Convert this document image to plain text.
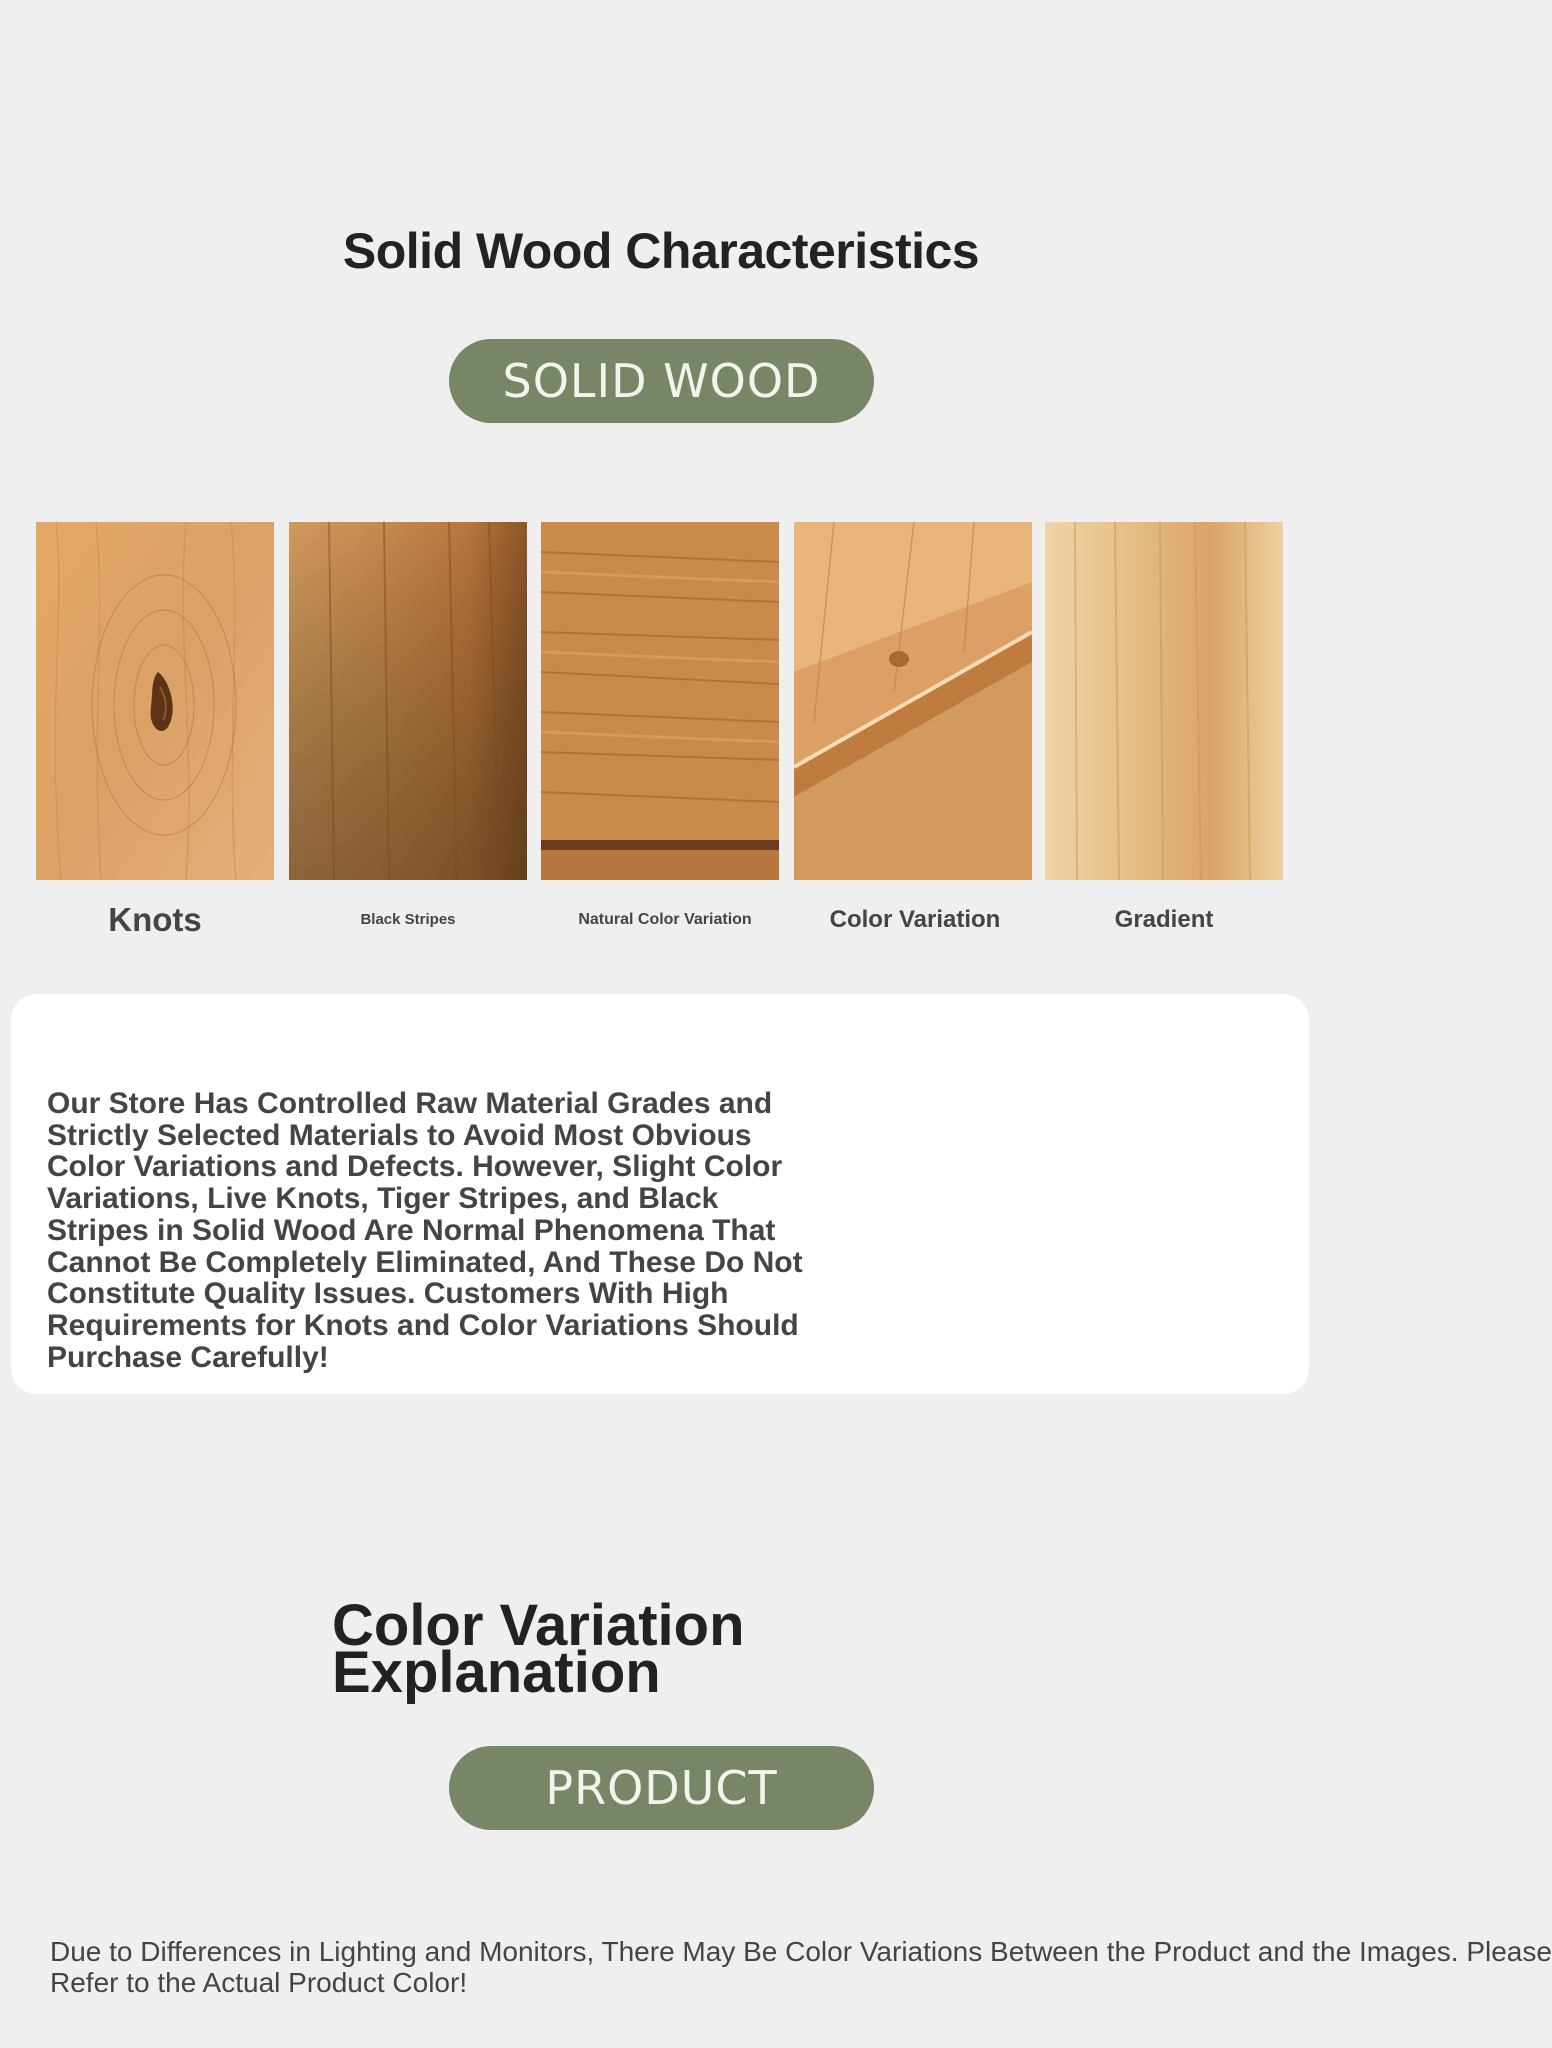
Solid Wood Characteristics
SOLID WOOD
Knots	Black Stripes	Natural Color Variation	Color Variation	Gradient
Our Store Has Controlled Raw Material Grades and Strictly Selected Materials to Avoid Most Obvious Color Variations and Defects. However, Slight Color Variations, Live Knots, Tiger Stripes, and Black Stripes in Solid Wood Are Normal Phenomena That Cannot Be Completely Eliminated, And These Do Not Constitute Quality Issues. Customers With High Requirements for Knots and Color Variations Should Purchase Carefully!
Color Variation
Explanation
PRODUCT
Due to Differences in Lighting and Monitors, There May Be Color Variations Between the Product and the Images. Please
Refer to the Actual Product Color!
